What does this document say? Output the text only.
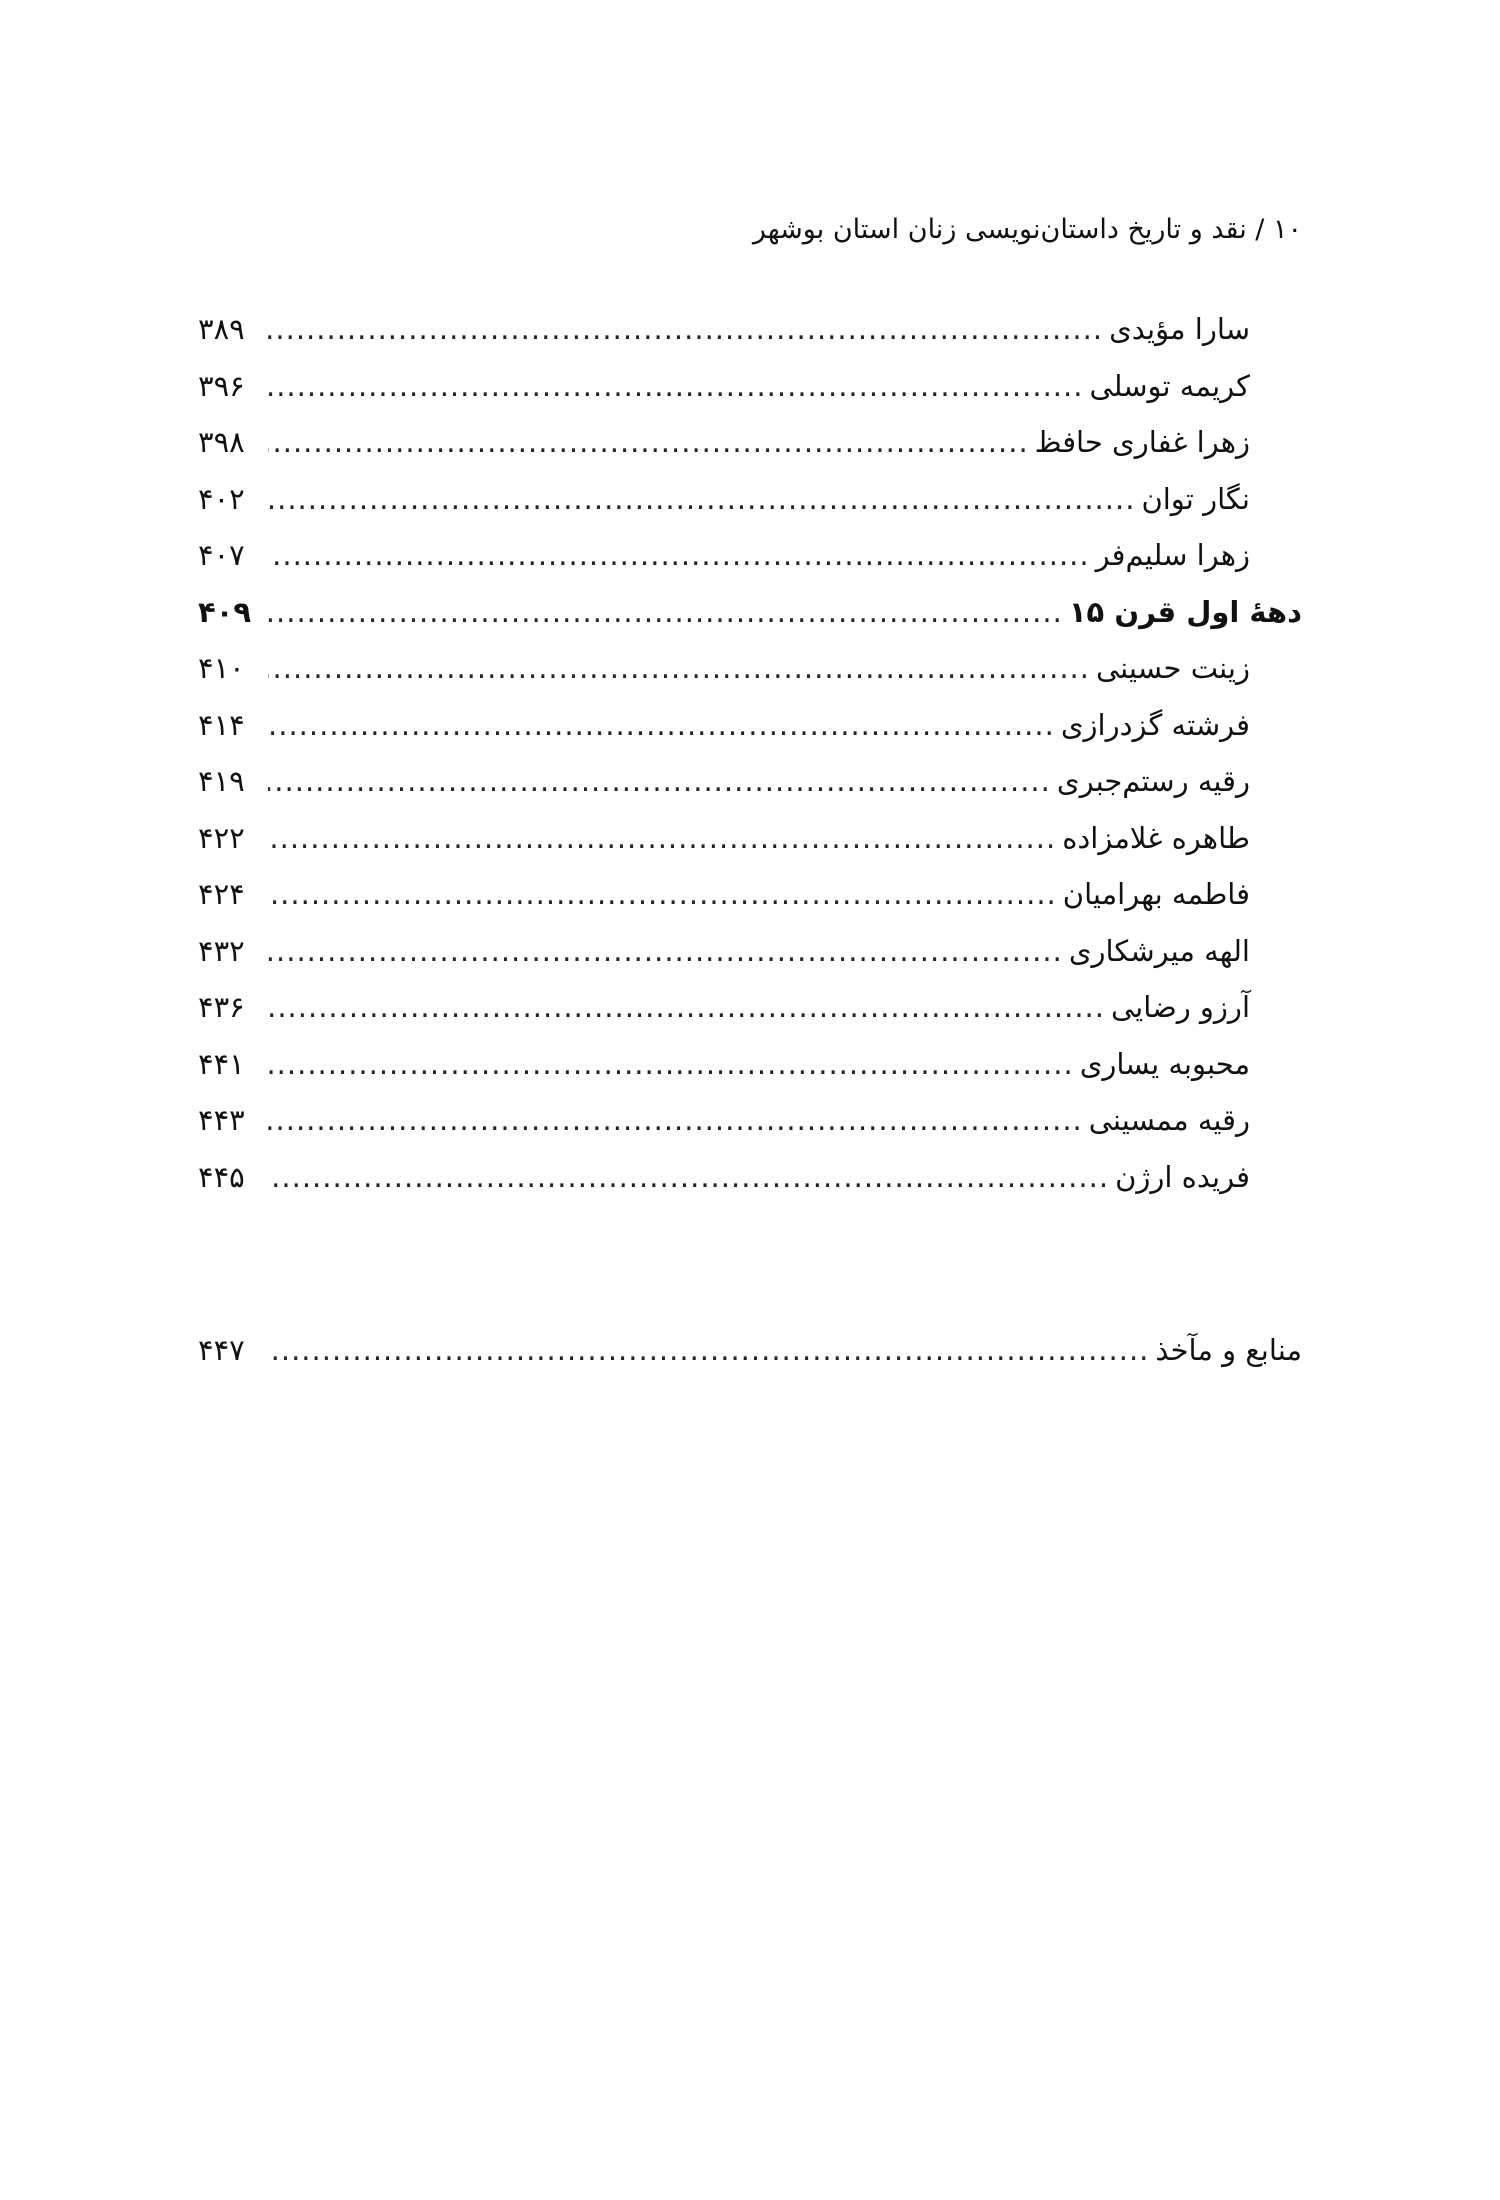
۱۰ / نقد و تاریخ داستان‌نویسی زنان استان بوشهر
سارا مؤیدی
.....
۳۸۹
کریمه توسلی
.....
۳۹۶
زهرا غفاری حافظ
.....
۳۹۸
نگار توان
.....
۴۰۲
زهرا سلیم‌فر
.....
۴۰۷
دههٔ اول قرن ۱۵
.....
۴۰۹
زینت حسینی
.....
۴۱۰
فرشته گزدرازی
.....
۴۱۴
رقیه رستم‌جبری
.....
۴۱۹
طاهره غلامزاده
.....
۴۲۲
فاطمه بهرامیان
.....
۴۲۴
الهه میرشکاری
.....
۴۳۲
آرزو رضایی
.....
۴۳۶
محبوبه یساری
.....
۴۴۱
رقیه ممسینی
.....
۴۴۳
فریده ارژن
.....
۴۴۵
منابع و مآخذ
.....
۴۴۷
